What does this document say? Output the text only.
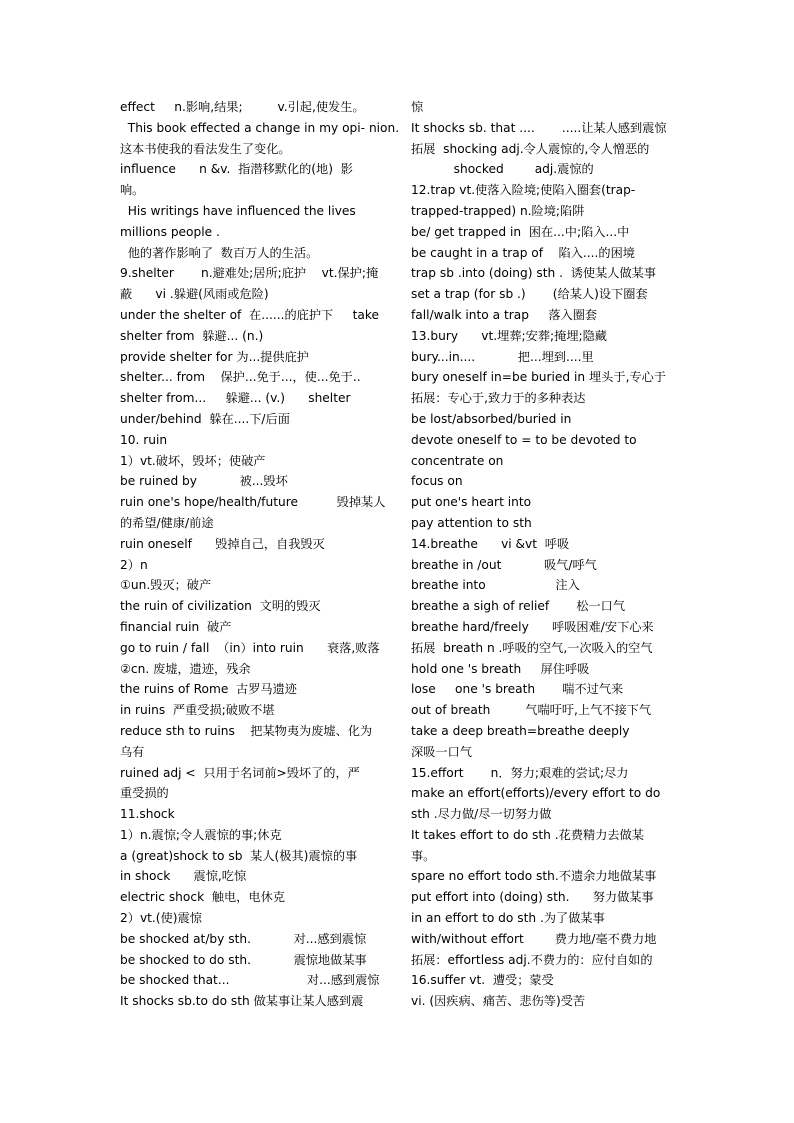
effect     n.影响,结果;         v.引起,使发生。
This book effected a change in my opi- nion.
这本书使我的看法发生了变化。
influence      n &v.  指潜移默化的(地)  影
响。
His writings have influenced the lives
millions people .
他的著作影响了  数百万人的生活。
9.shelter       n.避难处;居所;庇护    vt.保护;掩
蔽      vi .躲避(风雨或危险)
under the shelter of  在......的庇护下     take
shelter from  躲避... (n.)
provide shelter for 为...提供庇护
shelter... from    保护...免于...，使...免于..
shelter from...     躲避... (v.)      shelter
under/behind  躲在....下/后面
10. ruin
1）vt.破坏，毁坏；使破产
be ruined by           被...毁坏
ruin one's hope/health/future          毁掉某人
的希望/健康/前途
ruin oneself      毁掉自己，自我毁灭
2）n
①un.毁灭；破产
the ruin of civilization  文明的毁灭
financial ruin  破产
go to ruin / fall  （in）into ruin      衰落,败落
②cn. 废墟，遗迹，残余
the ruins of Rome  古罗马遗迹
in ruins  严重受损;破败不堪
reduce sth to ruins    把某物夷为废墟、化为
乌有
ruined adj <  只用于名词前>毁坏了的，严
重受损的
11.shock
1）n.震惊;令人震惊的事;休克
a (great)shock to sb  某人(极其)震惊的事
in shock      震惊,吃惊
electric shock  触电，电休克
2）vt.(使)震惊
be shocked at/by sth.           对...感到震惊
be shocked to do sth.           震惊地做某事
be shocked that...                    对...感到震惊
It shocks sb.to do sth 做某事让某人感到震
惊
It shocks sb. that ....       .....让某人感到震惊
拓展  shocking adj.令人震惊的,令人憎恶的
shocked        adj.震惊的
12.trap vt.使落入险境;使陷入圈套(trap-
trapped-trapped) n.险境;陷阱
be/ get trapped in  困在...中;陷入...中
be caught in a trap of    陷入....的困境
trap sb .into (doing) sth .  诱使某人做某事
set a trap (for sb .)       (给某人)设下圈套
fall/walk into a trap     落入圈套
13.bury      vt.埋葬;安葬;掩埋;隐藏
bury...in....           把...埋到....里
bury oneself in=be buried in 埋头于,专心于
拓展：专心于,致力于的多种表达
be lost/absorbed/buried in
devote oneself to = to be devoted to
concentrate on
focus on
put one's heart into
pay attention to sth
14.breathe      vi &vt  呼吸
breathe in /out           吸气/呼气
breathe into                  注入
breathe a sigh of relief       松一口气
breathe hard/freely      呼吸困难/安下心来
拓展  breath n .呼吸的空气,一次吸入的空气
hold one 's breath     屏住呼吸
lose     one 's breath       喘不过气来
out of breath         气喘吁吁,上气不接下气
take a deep breath=breathe deeply
深吸一口气
15.effort       n．努力;艰难的尝试;尽力
make an effort(efforts)/every effort to do
sth .尽力做/尽一切努力做
It takes effort to do sth .花费精力去做某
事。
spare no effort todo sth.不遗余力地做某事
put effort into (doing) sth.      努力做某事
in an effort to do sth .为了做某事
with/without effort        费力地/毫不费力地
拓展：effortless adj.不费力的：应付自如的
16.suffer vt.  遭受；蒙受
vi. (因疾病、痛苦、悲伤等)受苦
